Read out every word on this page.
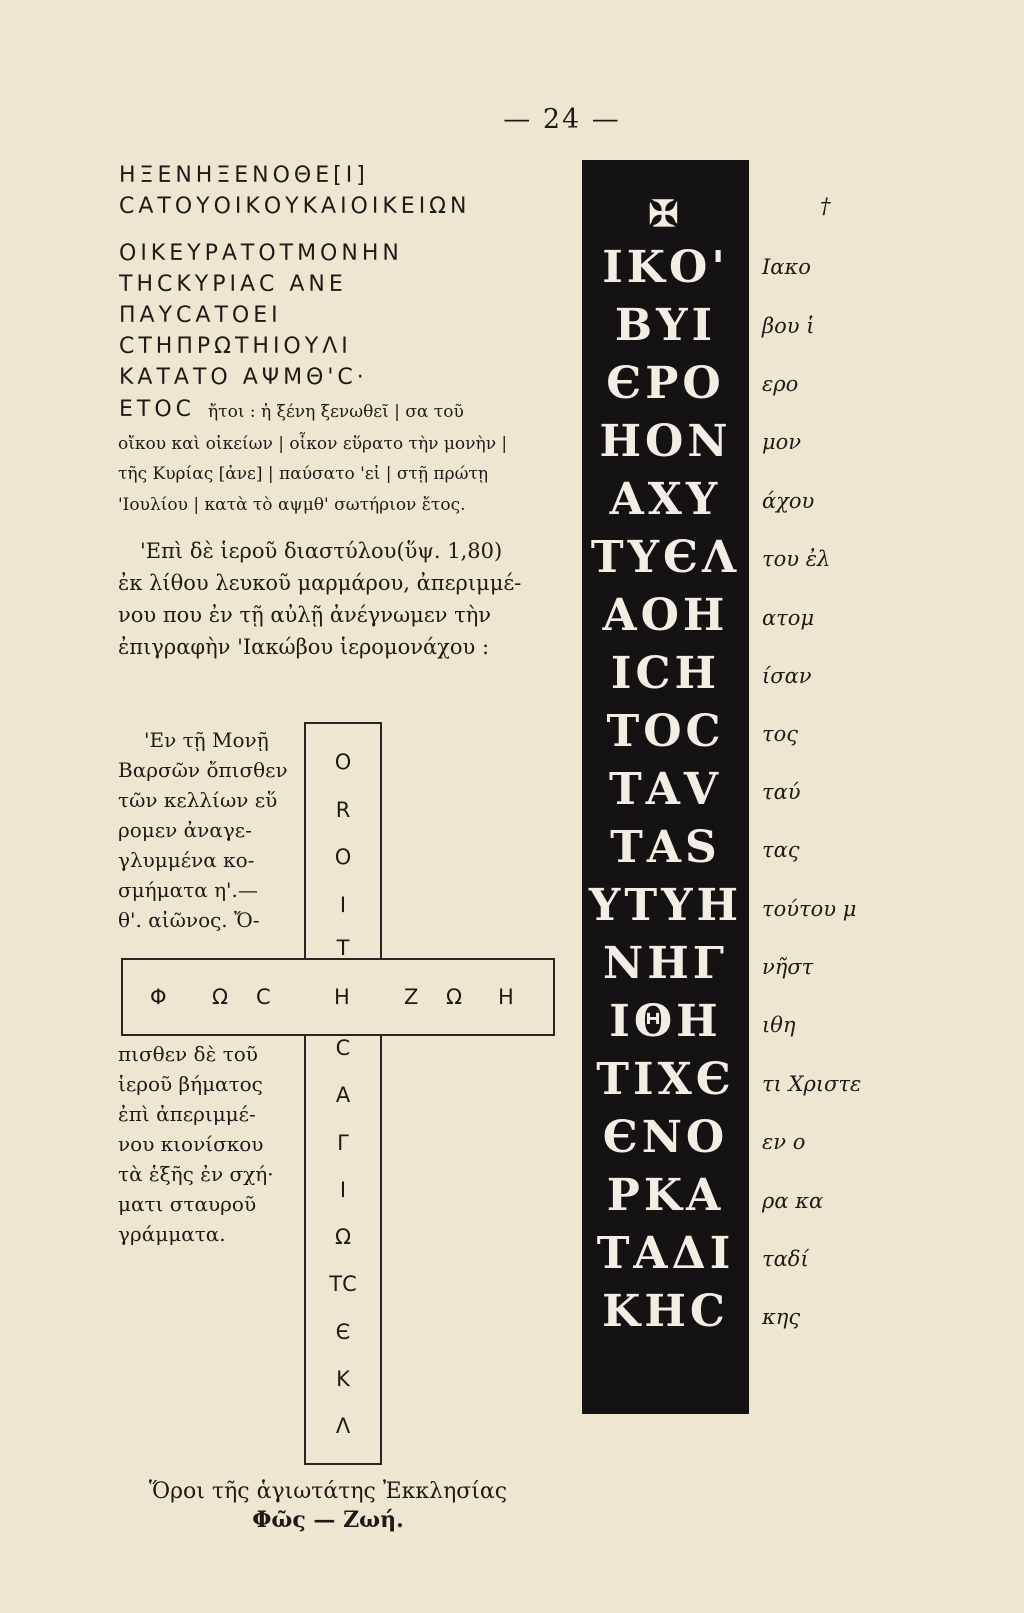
— 24 —
ΗΞΕΝΗΞΕΝΟΘΕ[Ι]
CΑΤΟΥΟΙΚΟΥΚΑΙΟΙΚΕΙΩΝ
ΟΙΚΕΥΡΑΤΟΤΜΟΝΗΝ
ΤΗCΚΥΡΙΑC ΑΝΕ
ΠΑΥCΑΤΟΕΙ
CΤΗΠΡΩΤΗΙΟΥΛΙ
ΚΑΤΑΤΟ ΑΨΜΘ'C·
ΕΤΟC ἤτοι : ἡ ξένη ξενωθεῖ | σα τοῦ
οἴκου καὶ οἰκείων | οἶκον εὕρατο τὴν μονὴν |
τῆς Κυρίας [ἀνε] | παύσατο 'εἰ | στῇ πρώτῃ
'Ιουλίου | κατὰ τὸ αψμθ' σωτήριον ἔτος.
'Επὶ δὲ ἱεροῦ διαστύλου(ὕψ. 1,80)
ἐκ λίθου λευκοῦ μαρμάρου, ἀπεριμμέ-
νου που ἐν τῇ αὐλῇ ἀνέγνωμεν τὴν
ἐπιγραφὴν 'Ιακώβου ἱερομονάχου :
'Εν τῇ Μονῇ
Βαρσῶν ὄπισθεν
τῶν κελλίων εὕ
ρομεν ἀναγε-
γλυμμένα κο-
σμήματα η'.—
θ'. αἰῶνος. Ὄ-
πισθεν δὲ τοῦ
ἱεροῦ βήματος
ἐπὶ ἀπεριμμέ-
νου κιονίσκου
τὰ ἑξῆς ἐν σχή·
ματι σταυροῦ
γράμματα.
Ο
R
Ο
Ι
Τ
Φ Ω C	Η	Ζ Ω Η
C
Α
Γ
Ι
Ω
ΤC
Є
Κ
Λ
✠
ΙΚΟ'
ΒΥΙ
ЄΡΟ
ΗΟΝ
ΑΧΥ
ΤΥЄΛ
ΑΟΗ
ΙCΗ
ΤΟC
ΤΑV
ΤΑS
ΥΤΥΗ
ΝΗΓ
ΙΘΗ
ΤΙΧЄ
ЄΝΟ
ΡΚΑ
ΤΑΔΙ
ΚΗC
†
Ιακο
βου ἱ
ερο
μον
άχου
του ἐλ
ατομ
ίσαν
τος
ταύ
τας
τούτου μ
νῆστ
ιθη
τι Χριστε
εν ο
ρα κα
ταδί
κης
Ὅροι τῆς ἁγιωτάτης Ἐκκλησίας
Φῶς — Ζωή.
